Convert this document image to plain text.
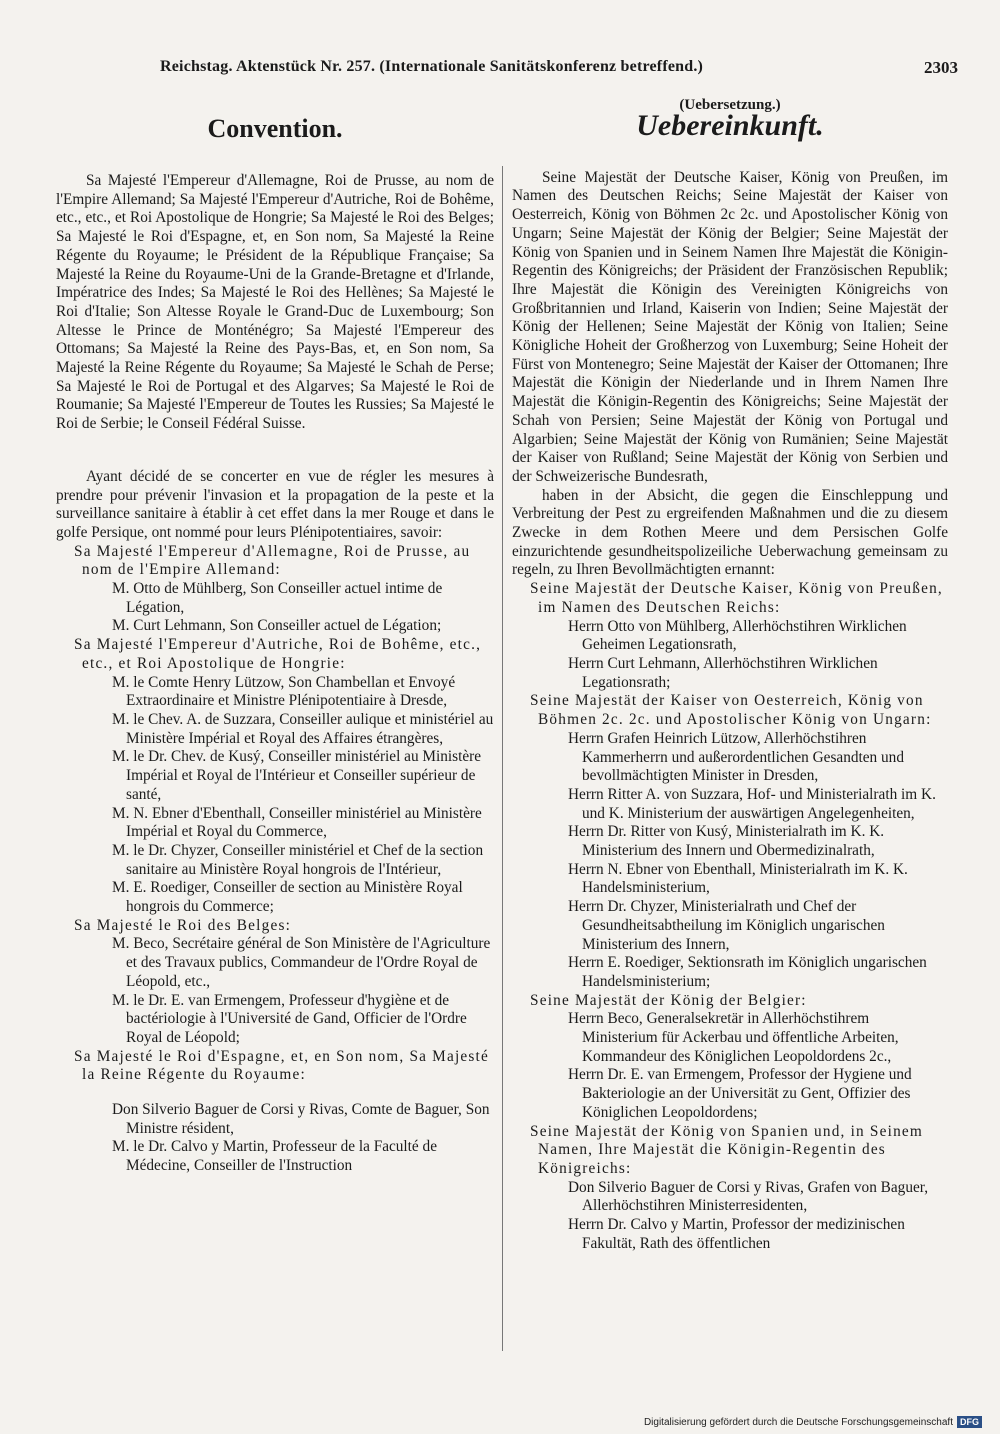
Reichstag. Aktenstück Nr. 257. (Internationale Sanitätskonferenz betreffend.)	2303
Convention.

Sa Majesté l'Empereur d'Allemagne, Roi de Prusse, au nom de l'Empire Allemand; Sa Majesté l'Empereur d'Autriche, Roi de Bohême, etc., etc., et Roi Apostolique de Hongrie; Sa Majesté le Roi des Belges; Sa Majesté le Roi d'Espagne, et, en Son nom, Sa Majesté la Reine Régente du Royaume; le Président de la République Française; Sa Majesté la Reine du Royaume-Uni de la Grande-Bretagne et d'Irlande, Impératrice des Indes; Sa Majesté le Roi des Hellènes; Sa Majesté le Roi d'Italie; Son Altesse Royale le Grand-Duc de Luxembourg; Son Altesse le Prince de Monténégro; Sa Majesté l'Empereur des Ottomans; Sa Majesté la Reine des Pays-Bas, et, en Son nom, Sa Majesté la Reine Régente du Royaume; Sa Majesté le Schah de Perse; Sa Majesté le Roi de Portugal et des Algarves; Sa Majesté le Roi de Roumanie; Sa Majesté l'Empereur de Toutes les Russies; Sa Majesté le Roi de Serbie; le Conseil Fédéral Suisse.

Ayant décidé de se concerter en vue de régler les mesures à prendre pour prévenir l'invasion et la propagation de la peste et la surveillance sanitaire à établir à cet effet dans la mer Rouge et dans le golfe Persique, ont nommé pour leurs Plénipotentiaires, savoir:

Sa Majesté l'Empereur d'Allemagne, Roi de Prusse, au nom de l'Empire Allemand:

M. Otto de Mühlberg, Son Conseiller actuel intime de Légation,

M. Curt Lehmann, Son Conseiller actuel de Légation;

Sa Majesté l'Empereur d'Autriche, Roi de Bohême, etc., etc., et Roi Apostolique de Hongrie:

M. le Comte Henry Lützow, Son Chambellan et Envoyé Extraordinaire et Ministre Plénipotentiaire à Dresde,

M. le Chev. A. de Suzzara, Conseiller aulique et ministériel au Ministère Impérial et Royal des Affaires étrangères,

M. le Dr. Chev. de Kusý, Conseiller ministériel au Ministère Impérial et Royal de l'Intérieur et Conseiller supérieur de santé,

M. N. Ebner d'Ebenthall, Conseiller ministériel au Ministère Impérial et Royal du Commerce,

M. le Dr. Chyzer, Conseiller ministériel et Chef de la section sanitaire au Ministère Royal hongrois de l'Intérieur,

M. E. Roediger, Conseiller de section au Ministère Royal hongrois du Commerce;

Sa Majesté le Roi des Belges:

M. Beco, Secrétaire général de Son Ministère de l'Agriculture et des Travaux publics, Commandeur de l'Ordre Royal de Léopold, etc.,

M. le Dr. E. van Ermengem, Professeur d'hygiène et de bactériologie à l'Université de Gand, Officier de l'Ordre Royal de Léopold;

Sa Majesté le Roi d'Espagne, et, en Son nom, Sa Majesté la Reine Régente du Royaume:

Don Silverio Baguer de Corsi y Rivas, Comte de Baguer, Son Ministre résident,

M. le Dr. Calvo y Martin, Professeur de la Faculté de Médecine, Conseiller de l'Instruction

(Uebersetzung.)
Uebereinkunft.

Seine Majestät der Deutsche Kaiser, König von Preußen, im Namen des Deutschen Reichs; Seine Majestät der Kaiser von Oesterreich, König von Böhmen 2c 2c. und Apostolischer König von Ungarn; Seine Majestät der König der Belgier; Seine Majestät der König von Spanien und in Seinem Namen Ihre Majestät die Königin-Regentin des Königreichs; der Präsident der Französischen Republik; Ihre Majestät die Königin des Vereinigten Königreichs von Großbritannien und Irland, Kaiserin von Indien; Seine Majestät der König der Hellenen; Seine Majestät der König von Italien; Seine Königliche Hoheit der Großherzog von Luxemburg; Seine Hoheit der Fürst von Montenegro; Seine Majestät der Kaiser der Ottomanen; Ihre Majestät die Königin der Niederlande und in Ihrem Namen Ihre Majestät die Königin-Regentin des Königreichs; Seine Majestät der Schah von Persien; Seine Majestät der König von Portugal und Algarbien; Seine Majestät der König von Rumänien; Seine Majestät der Kaiser von Rußland; Seine Majestät der König von Serbien und der Schweizerische Bundesrath,

haben in der Absicht, die gegen die Einschleppung und Verbreitung der Pest zu ergreifenden Maßnahmen und die zu diesem Zwecke in dem Rothen Meere und dem Persischen Golfe einzurichtende gesundheitspolizeiliche Ueberwachung gemeinsam zu regeln, zu Ihren Bevollmächtigten ernannt:

Seine Majestät der Deutsche Kaiser, König von Preußen, im Namen des Deutschen Reichs:

Herrn Otto von Mühlberg, Allerhöchstihren Wirklichen Geheimen Legationsrath,

Herrn Curt Lehmann, Allerhöchstihren Wirklichen Legationsrath;

Seine Majestät der Kaiser von Oesterreich, König von Böhmen 2c. 2c. und Apostolischer König von Ungarn:

Herrn Grafen Heinrich Lützow, Allerhöchstihren Kammerherrn und außerordentlichen Gesandten und bevollmächtigten Minister in Dresden,

Herrn Ritter A. von Suzzara, Hof- und Ministerialrath im K. und K. Ministerium der auswärtigen Angelegenheiten,

Herrn Dr. Ritter von Kusý, Ministerialrath im K. K. Ministerium des Innern und Obermedizinalrath,

Herrn N. Ebner von Ebenthall, Ministerialrath im K. K. Handelsministerium,

Herrn Dr. Chyzer, Ministerialrath und Chef der Gesundheitsabtheilung im Königlich ungarischen Ministerium des Innern,

Herrn E. Roediger, Sektionsrath im Königlich ungarischen Handelsministerium;

Seine Majestät der König der Belgier:

Herrn Beco, Generalsekretär in Allerhöchstihrem Ministerium für Ackerbau und öffentliche Arbeiten, Kommandeur des Königlichen Leopoldordens 2c.,

Herrn Dr. E. van Ermengem, Professor der Hygiene und Bakteriologie an der Universität zu Gent, Offizier des Königlichen Leopoldordens;

Seine Majestät der König von Spanien und, in Seinem Namen, Ihre Majestät die Königin-Regentin des Königreichs:

Don Silverio Baguer de Corsi y Rivas, Grafen von Baguer, Allerhöchstihren Ministerresidenten,

Herrn Dr. Calvo y Martin, Professor der medizinischen Fakultät, Rath des öffentlichen

Digitalisierung gefördert durch die Deutsche Forschungsgemeinschaft DFG
